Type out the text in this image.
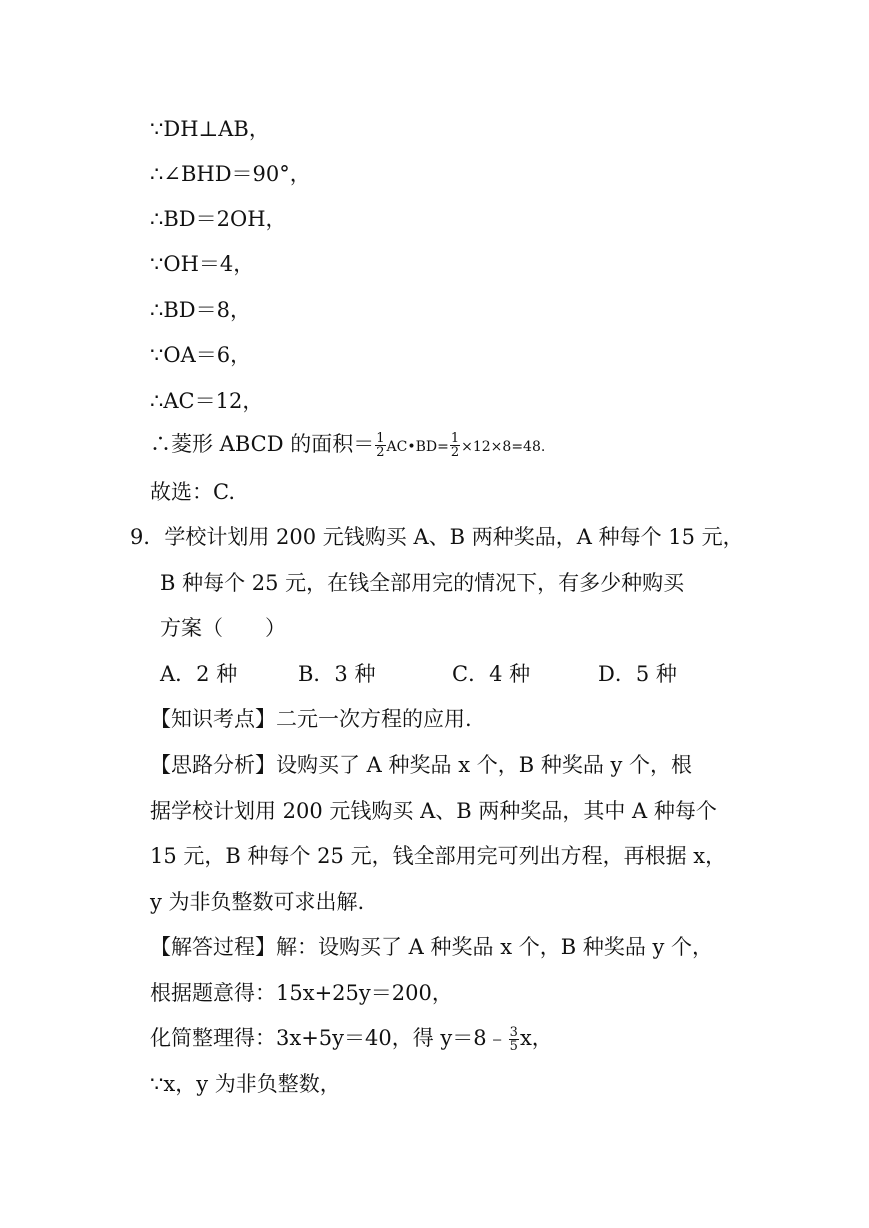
∵DH⊥AB，
∴∠BHD＝90°，
∴BD＝2OH，
∵OH＝4，
∴BD＝8，
∵OA＝6，
∴AC＝12，
∴菱形 ABCD 的面积＝ $\frac{1}{2}$ AC•BD= $\frac{1}{2} \times 12\times 8=48$.
故选：C.
9．学校计划用 200 元钱购买 A、B 两种奖品，A 种每个 15 元，
B 种每个 25 元，在钱全部用完的情况下，有多少种购买
方案（　　）
A．2 种	B．3 种	C．4 种	D．5 种
【知识考点】二元一次方程的应用.
【思路分析】设购买了 A 种奖品 x 个，B 种奖品 y 个，根
据学校计划用 200 元钱购买 A、B 两种奖品，其中 A 种每个
15 元，B 种每个 25 元，钱全部用完可列出方程，再根据 x，
y 为非负整数可求出解.
【解答过程】解：设购买了 A 种奖品 x 个，B 种奖品 y 个，
根据题意得：15x+25y＝200，
化简整理得：3x+5y＝40，得 y＝8﹣ $\frac{3}{5}$ x，
∵x，y 为非负整数，
